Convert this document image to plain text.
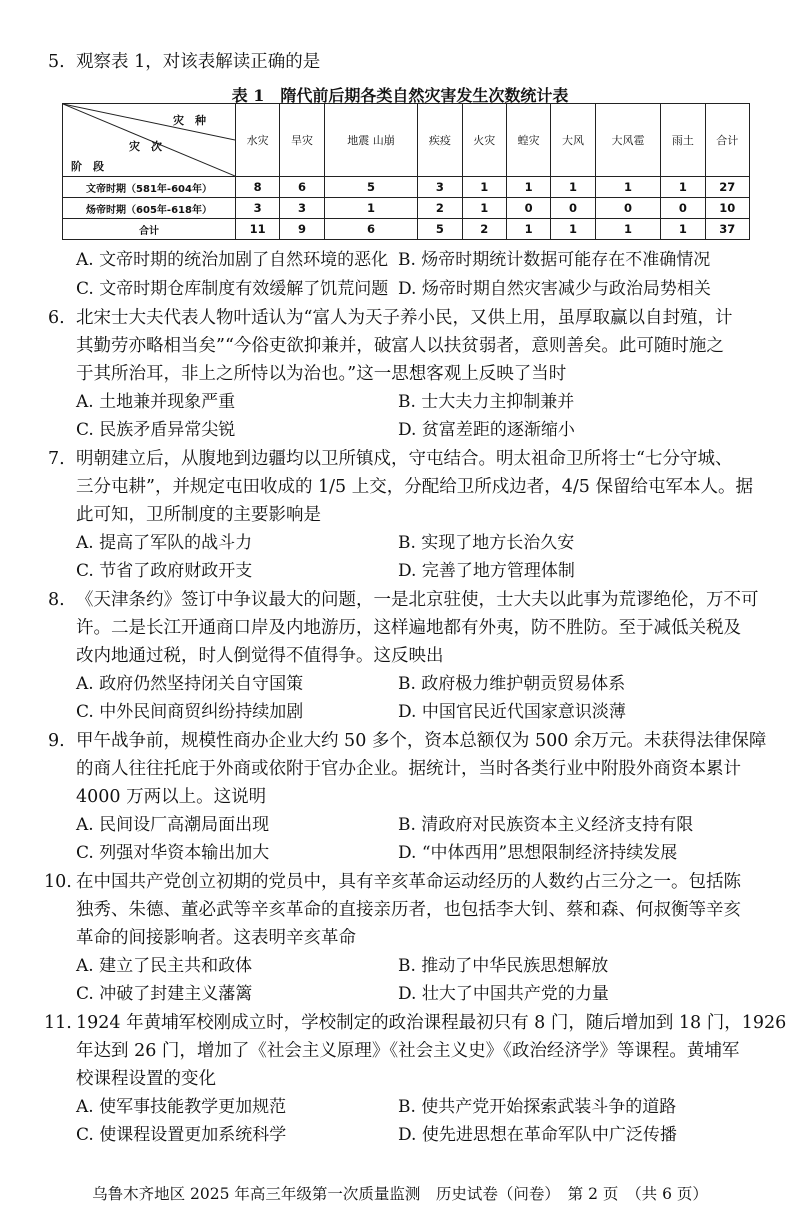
5. 观察表 1，对该表解读正确的是
表 1　隋代前后期各类自然灾害发生次数统计表
灾　种
灾　次
阶　段	水灾	旱灾	地震 山崩	疾疫	火灾	蝗灾	大风	大风雹	雨土	合计
文帝时期（581年-604年）	8	6	5	3	1	1	1	1	1	27
炀帝时期（605年-618年）	3	3	1	2	1	0	0	0	0	10
合计	11	9	6	5	2	1	1	1	1	37
A. 文帝时期的统治加剧了自然环境的恶化 B. 炀帝时期统计数据可能存在不准确情况
C. 文帝时期仓库制度有效缓解了饥荒问题 D. 炀帝时期自然灾害减少与政治局势相关
6. 北宋士大夫代表人物叶适认为“富人为天子养小民，又供上用，虽厚取赢以自封殖，计
其勤劳亦略相当矣”“今俗吏欲抑兼并，破富人以扶贫弱者，意则善矣。此可随时施之
于其所治耳，非上之所恃以为治也。”这一思想客观上反映了当时
A. 土地兼并现象严重	B. 士大夫力主抑制兼并
C. 民族矛盾异常尖锐	D. 贫富差距的逐渐缩小
7. 明朝建立后，从腹地到边疆均以卫所镇戍，守屯结合。明太祖命卫所将士“七分守城、
三分屯耕”，并规定屯田收成的 1/5 上交，分配给卫所戍边者，4/5 保留给屯军本人。据
此可知，卫所制度的主要影响是
A. 提高了军队的战斗力	B. 实现了地方长治久安
C. 节省了政府财政开支	D. 完善了地方管理体制
8. 《天津条约》签订中争议最大的问题，一是北京驻使，士大夫以此事为荒谬绝伦，万不可
许。二是长江开通商口岸及内地游历，这样遍地都有外夷，防不胜防。至于减低关税及
改内地通过税，时人倒觉得不值得争。这反映出
A. 政府仍然坚持闭关自守国策	B. 政府极力维护朝贡贸易体系
C. 中外民间商贸纠纷持续加剧	D. 中国官民近代国家意识淡薄
9. 甲午战争前，规模性商办企业大约 50 多个，资本总额仅为 500 余万元。未获得法律保障
的商人往往托庇于外商或依附于官办企业。据统计，当时各类行业中附股外商资本累计
4000 万两以上。这说明
A. 民间设厂高潮局面出现	B. 清政府对民族资本主义经济支持有限
C. 列强对华资本输出加大	D. “中体西用”思想限制经济持续发展
10. 在中国共产党创立初期的党员中，具有辛亥革命运动经历的人数约占三分之一。包括陈
独秀、朱德、董必武等辛亥革命的直接亲历者，也包括李大钊、蔡和森、何叔衡等辛亥
革命的间接影响者。这表明辛亥革命
A. 建立了民主共和政体	B. 推动了中华民族思想解放
C. 冲破了封建主义藩篱	D. 壮大了中国共产党的力量
11. 1924 年黄埔军校刚成立时，学校制定的政治课程最初只有 8 门，随后增加到 18 门，1926
年达到 26 门，增加了《社会主义原理》《社会主义史》《政治经济学》等课程。黄埔军
校课程设置的变化
A. 使军事技能教学更加规范	B. 使共产党开始探索武装斗争的道路
C. 使课程设置更加系统科学	D. 使先进思想在革命军队中广泛传播
乌鲁木齐地区 2025 年高三年级第一次质量监测　历史试卷（问卷）　第 2 页　（共 6 页）
